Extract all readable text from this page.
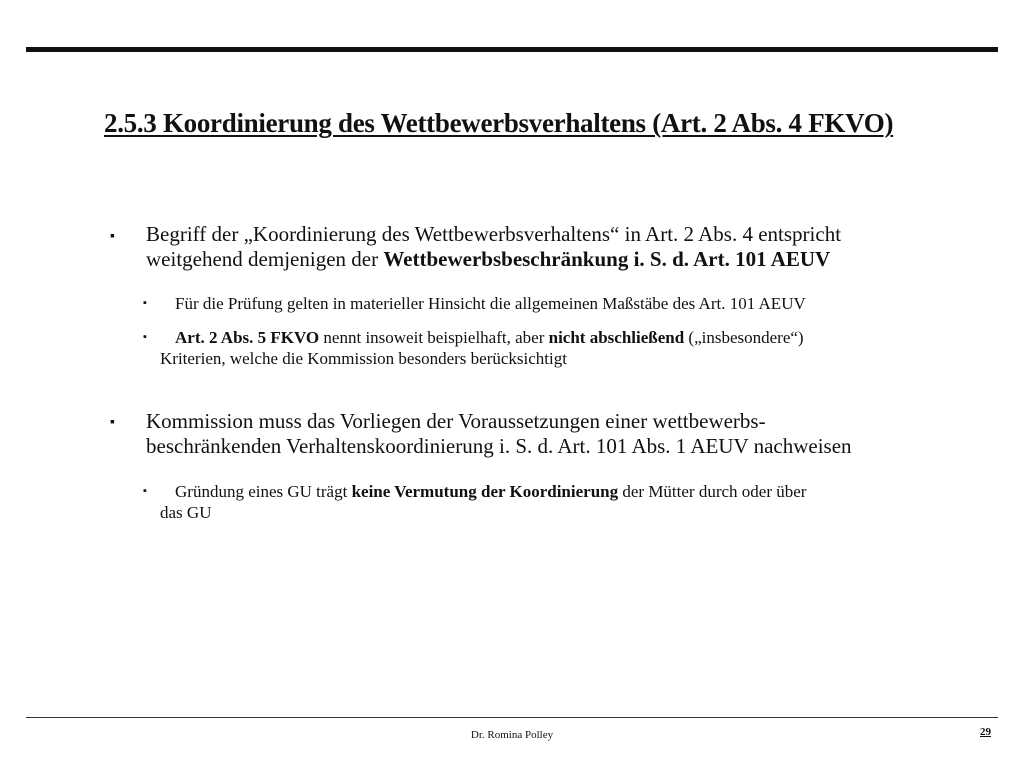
2.5.3 Koordinierung des Wettbewerbsverhaltens (Art. 2 Abs. 4 FKVO)
▪ Begriff der „Koordinierung des Wettbewerbsverhaltens“ in Art. 2 Abs. 4 entspricht
weitgehend demjenigen der Wettbewerbsbeschränkung i. S. d. Art. 101 AEUV
▪ Für die Prüfung gelten in materieller Hinsicht die allgemeinen Maßstäbe des Art. 101 AEUV
▪ Art. 2 Abs. 5 FKVO nennt insoweit beispielhaft, aber nicht abschließend („insbesondere“)
Kriterien, welche die Kommission besonders berücksichtigt
▪ Kommission muss das Vorliegen der Voraussetzungen einer wettbewerbs-
beschränkenden Verhaltenskoordinierung i. S. d. Art. 101 Abs. 1 AEUV nachweisen
▪ Gründung eines GU trägt keine Vermutung der Koordinierung der Mütter durch oder über
das GU
Dr. Romina Polley	29
